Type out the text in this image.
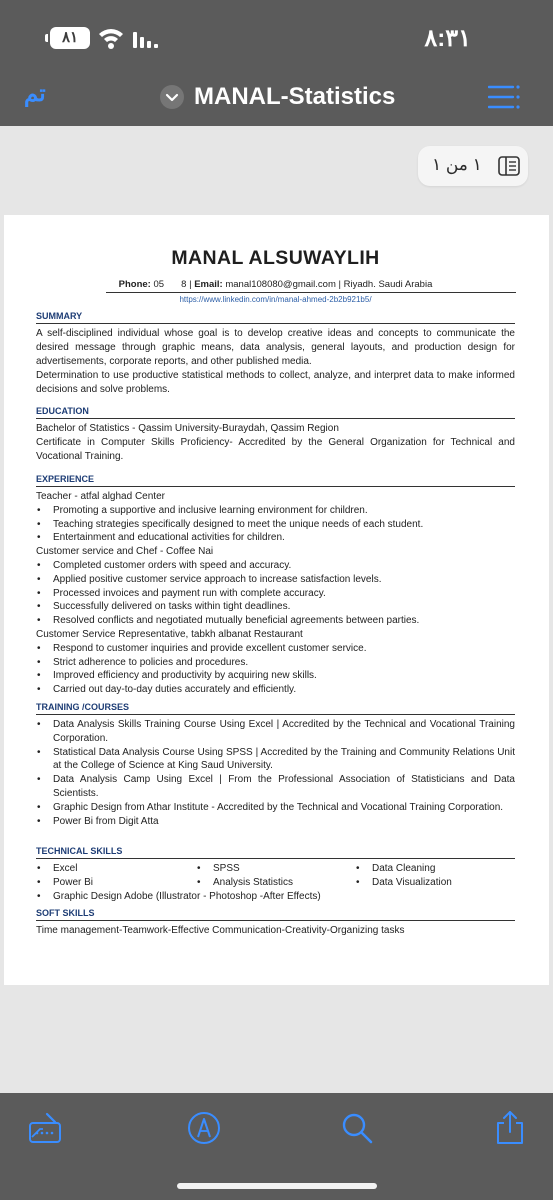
٨١	٨:٣١
تم	MANAL-Statistics
١ من ١
MANAL ALSUWAYLIH
Phone: 05         8 | Email: manal108080@gmail.com | Riyadh. Saudi Arabia
https://www.linkedin.com/in/manal-ahmed-2b2b921b5/
SUMMARY
A self-disciplined individual whose goal is to develop creative ideas and concepts to communicate the desired message through graphic means, data analysis, general layouts, and production design for advertisements, corporate reports, and other published media.
Determination to use productive statistical methods to collect, analyze, and interpret data to make informed decisions and solve problems.
EDUCATION
Bachelor of Statistics - Qassim University-Buraydah, Qassim Region
Certificate in Computer Skills Proficiency- Accredited by the General Organization for Technical and Vocational Training.
EXPERIENCE
Teacher - atfal alghad Center
• Promoting a supportive and inclusive learning environment for children.
• Teaching strategies specifically designed to meet the unique needs of each student.
• Entertainment and educational activities for children.
Customer service and Chef - Coffee Nai
• Completed customer orders with speed and accuracy.
• Applied positive customer service approach to increase satisfaction levels.
• Processed invoices and payment run with complete accuracy.
• Successfully delivered on tasks within tight deadlines.
• Resolved conflicts and negotiated mutually beneficial agreements between parties.
Customer Service Representative, tabkh albanat Restaurant
• Respond to customer inquiries and provide excellent customer service.
• Strict adherence to policies and procedures.
• Improved efficiency and productivity by acquiring new skills.
• Carried out day-to-day duties accurately and efficiently.
TRAINING /COURSES
• Data Analysis Skills Training Course Using Excel | Accredited by the Technical and Vocational Training Corporation.
• Statistical Data Analysis Course Using SPSS | Accredited by the Training and Community Relations Unit at the College of Science at King Saud University.
• Data Analysis Camp Using Excel | From the Professional Association of Statisticians and Data Scientists.
• Graphic Design from Athar Institute - Accredited by the Technical and Vocational Training Corporation.
• Power Bi from Digit Atta
TECHNICAL SKILLS
• Excel
• Power Bi
• SPSS
• Analysis Statistics
• Data Cleaning
• Data Visualization
• Graphic Design Adobe (Illustrator - Photoshop -After Effects)
SOFT SKILLS
Time management-Teamwork-Effective Communication-Creativity-Organizing tasks
